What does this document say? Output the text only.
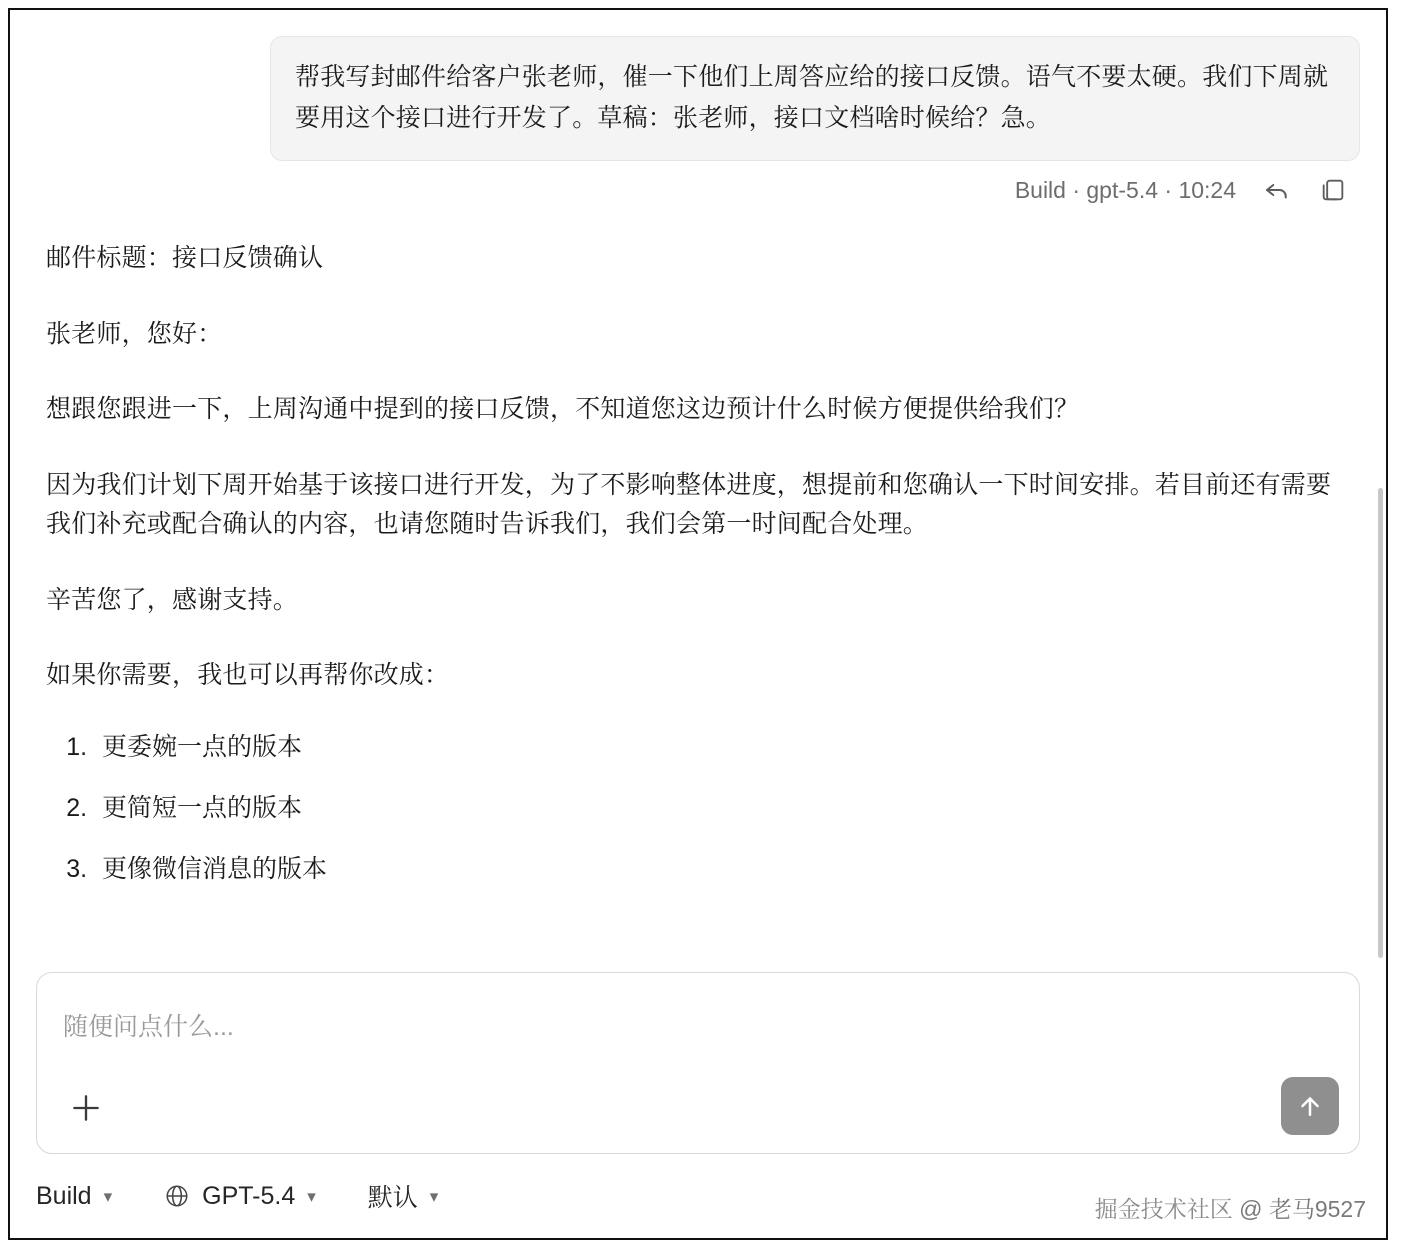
帮我写封邮件给客户张老师，催一下他们上周答应给的接口反馈。语气不要太硬。我们下周就要用这个接口进行开发了。草稿：张老师，接口文档啥时候给？急。
Build · gpt-5.4 · 10:24

邮件标题：接口反馈确认

张老师，您好：

想跟您跟进一下，上周沟通中提到的接口反馈，不知道您这边预计什么时候方便提供给我们？

因为我们计划下周开始基于该接口进行开发，为了不影响整体进度，想提前和您确认一下时间安排。若目前还有需要我们补充或配合确认的内容，也请您随时告诉我们，我们会第一时间配合处理。

辛苦您了，感谢支持。

如果你需要，我也可以再帮你改成：

1. 更委婉一点的版本
2. 更简短一点的版本
3. 更像微信消息的版本
随便问点什么...
Build ▾	GPT-5.4 ▾ 默认 ▾	掘金技术社区 @ 老马9527
